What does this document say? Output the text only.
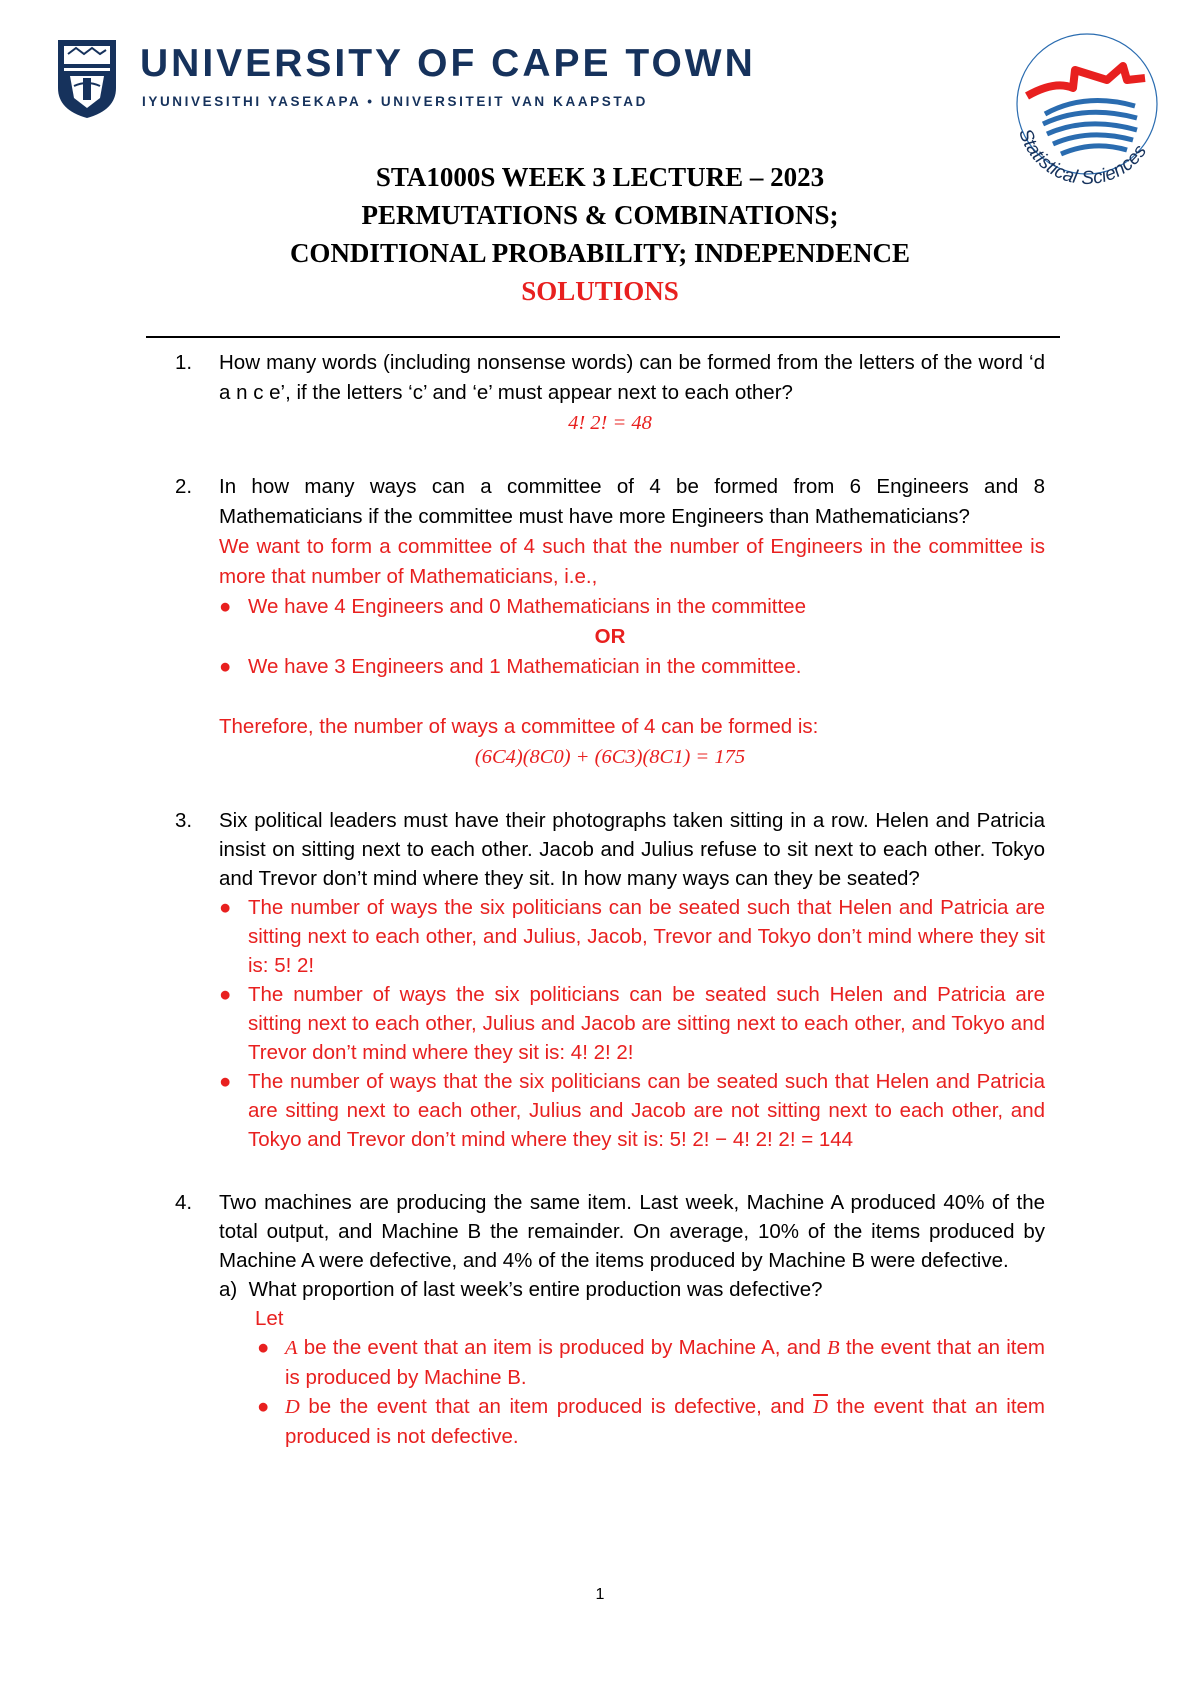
UNIVERSITY OF CAPE TOWN
IYUNIVESITHI YASEKAPA • UNIVERSITEIT VAN KAAPSTAD
Statistical Sciences
STA1000S WEEK 3 LECTURE – 2023
PERMUTATIONS & COMBINATIONS;
CONDITIONAL PROBABILITY; INDEPENDENCE
SOLUTIONS
1. How many words (including nonsense words) can be formed from the letters of the word ‘d a n c e’, if the letters ‘c’ and ‘e’ must appear next to each other?
4! 2! = 48
2. In how many ways can a committee of 4 be formed from 6 Engineers and 8 Mathematicians if the committee must have more Engineers than Mathematicians?
We want to form a committee of 4 such that the number of Engineers in the committee is more that number of Mathematicians, i.e.,
● We have 4 Engineers and 0 Mathematicians in the committee
OR
● We have 3 Engineers and 1 Mathematician in the committee.
Therefore, the number of ways a committee of 4 can be formed is:
(6C4)(8C0) + (6C3)(8C1) = 175
3. Six political leaders must have their photographs taken sitting in a row. Helen and Patricia insist on sitting next to each other. Jacob and Julius refuse to sit next to each other. Tokyo and Trevor don’t mind where they sit. In how many ways can they be seated?
● The number of ways the six politicians can be seated such that Helen and Patricia are sitting next to each other, and Julius, Jacob, Trevor and Tokyo don’t mind where they sit is: 5! 2!
● The number of ways the six politicians can be seated such Helen and Patricia are sitting next to each other, Julius and Jacob are sitting next to each other, and Tokyo and Trevor don’t mind where they sit is: 4! 2! 2!
● The number of ways that the six politicians can be seated such that Helen and Patricia are sitting next to each other, Julius and Jacob are not sitting next to each other, and Tokyo and Trevor don’t mind where they sit is: 5! 2! − 4! 2! 2! = 144
4. Two machines are producing the same item. Last week, Machine A produced 40% of the total output, and Machine B the remainder. On average, 10% of the items produced by Machine A were defective, and 4% of the items produced by Machine B were defective.
a) What proportion of last week’s entire production was defective?
Let
● A be the event that an item is produced by Machine A, and B the event that an item is produced by Machine B.
● D be the event that an item produced is defective, and $\overline{D}$ the event that an item produced is not defective.
1
